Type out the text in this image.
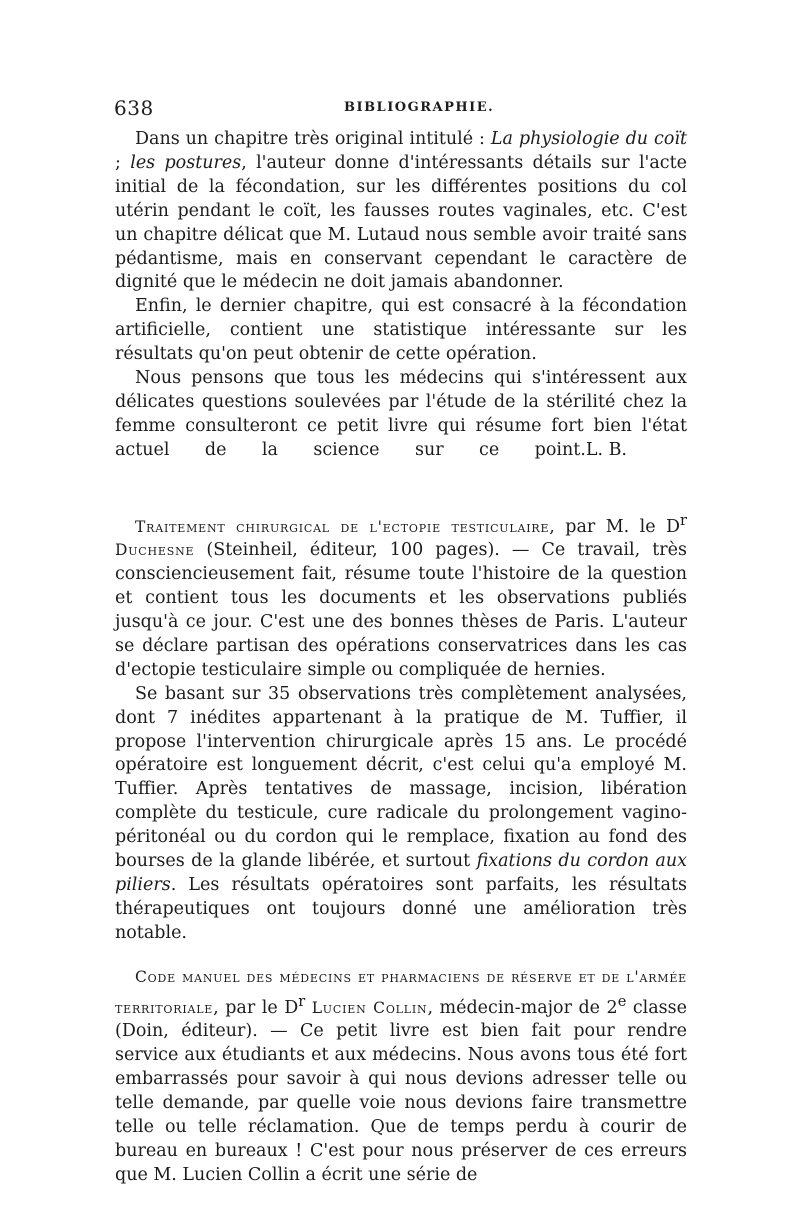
638	BIBLIOGRAPHIE.

Dans un chapitre très original intitulé : La physiologie du coït ; les postures, l'auteur donne d'intéressants détails sur l'acte initial de la fécondation, sur les différentes positions du col utérin pendant le coït, les fausses routes vaginales, etc. C'est un chapitre délicat que M. Lutaud nous semble avoir traité sans pédantisme, mais en conservant cependant le caractère de dignité que le médecin ne doit jamais abandonner.

Enfin, le dernier chapitre, qui est consacré à la fécondation artificielle, contient une statistique intéressante sur les résultats qu'on peut obtenir de cette opération.

Nous pensons que tous les médecins qui s'intéressent aux délicates questions soulevées par l'étude de la stérilité chez la femme consulteront ce petit livre qui résume fort bien l'état actuel de la science sur ce point. L. B.

Traitement chirurgical de l'ectopie testiculaire, par M. le $D^r$ Duchesne (Steinheil, éditeur, 100 pages). — Ce travail, très consciencieusement fait, résume toute l'histoire de la question et contient tous les documents et les observations publiés jusqu'à ce jour. C'est une des bonnes thèses de Paris. L'auteur se déclare partisan des opérations conservatrices dans les cas d'ectopie testiculaire simple ou compliquée de hernies.

Se basant sur 35 observations très complètement analysées, dont 7 inédites appartenant à la pratique de M. Tuffier, il propose l'intervention chirurgicale après 15 ans. Le procédé opératoire est longuement décrit, c'est celui qu'a employé M. Tuffier. Après tentatives de massage, incision, libération complète du testicule, cure radicale du prolongement vagino-péritonéal ou du cordon qui le remplace, fixation au fond des bourses de la glande libérée, et surtout fixations du cordon aux piliers. Les résultats opératoires sont parfaits, les résultats thérapeutiques ont toujours donné une amélioration très notable.

Code manuel des médecins et pharmaciens de réserve et de l'armée territoriale, par le $D^r$ Lucien Collin, médecin-major de 2e classe (Doin, éditeur). — Ce petit livre est bien fait pour rendre service aux étudiants et aux médecins. Nous avons tous été fort embarrassés pour savoir à qui nous devions adresser telle ou telle demande, par quelle voie nous devions faire transmettre telle ou telle réclamation. Que de temps perdu à courir de bureau en bureaux ! C'est pour nous préserver de ces erreurs que M. Lucien Collin a écrit une série de
